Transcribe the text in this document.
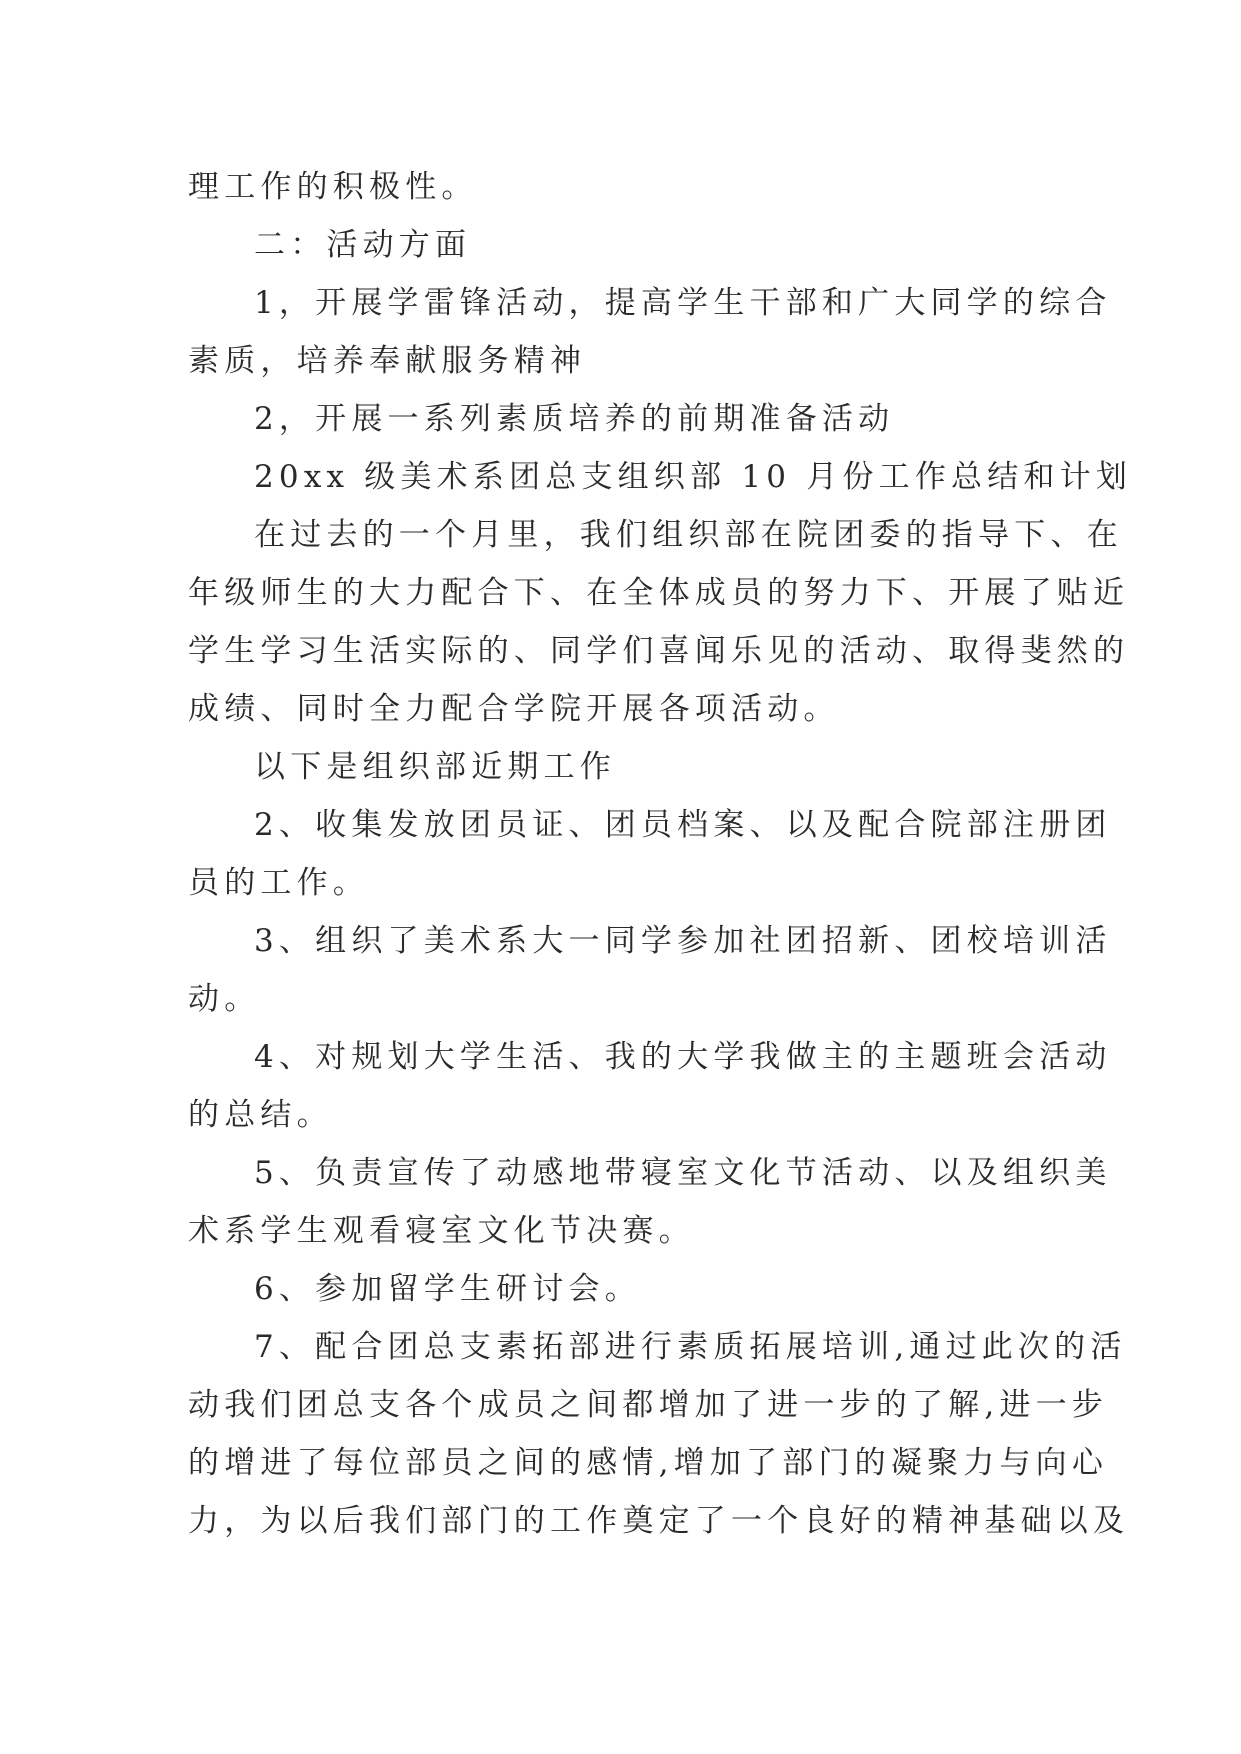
理工作的积极性。

二：活动方面

1，开展学雷锋活动，提高学生干部和广大同学的综合

素质，培养奉献服务精神

2，开展一系列素质培养的前期准备活动

20xx 级美术系团总支组织部 10 月份工作总结和计划

在过去的一个月里，我们组织部在院团委的指导下、在

年级师生的大力配合下、在全体成员的努力下、开展了贴近

学生学习生活实际的、同学们喜闻乐见的活动、取得斐然的

成绩、同时全力配合学院开展各项活动。

以下是组织部近期工作

2、收集发放团员证、团员档案、以及配合院部注册团

员的工作。

3、组织了美术系大一同学参加社团招新、团校培训活

动。

4、对规划大学生活、我的大学我做主的主题班会活动

的总结。

5、负责宣传了动感地带寝室文化节活动、以及组织美

术系学生观看寝室文化节决赛。

6、参加留学生研讨会。

7、配合团总支素拓部进行素质拓展培训,通过此次的活

动我们团总支各个成员之间都增加了进一步的了解,进一步

的增进了每位部员之间的感情,增加了部门的凝聚力与向心

力，为以后我们部门的工作奠定了一个良好的精神基础以及
